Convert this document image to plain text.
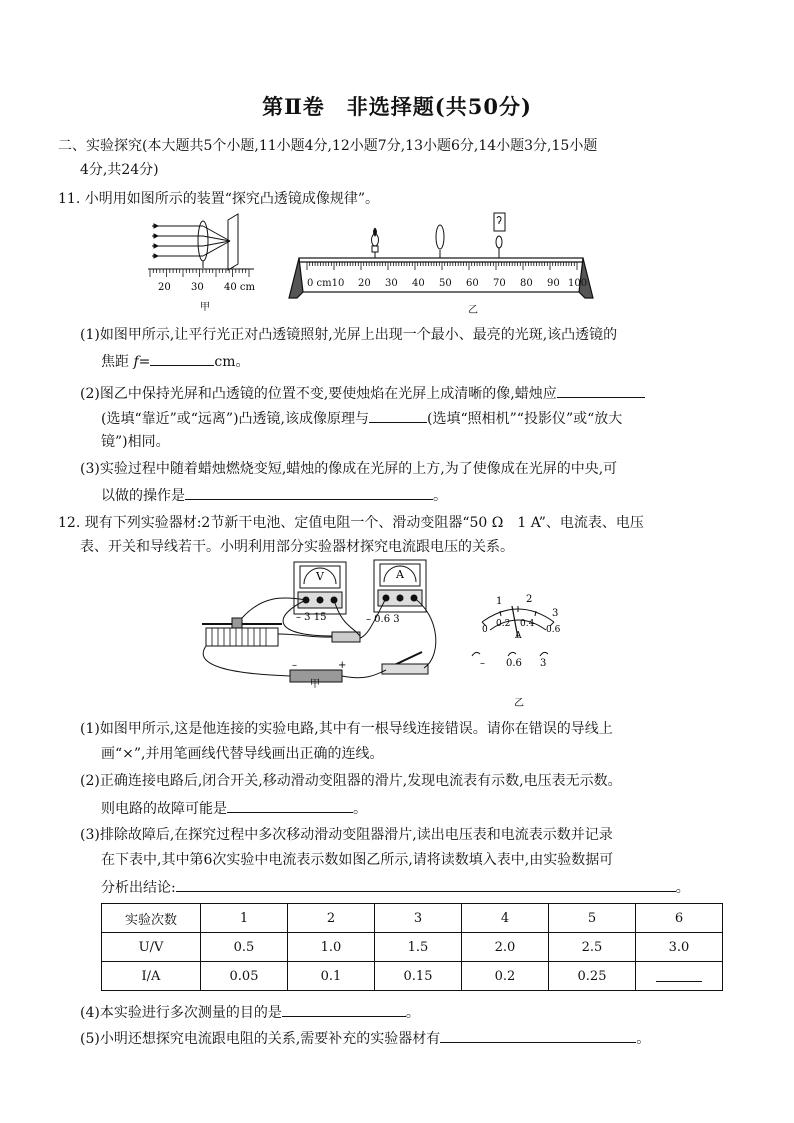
第Ⅱ卷　非选择题(共50分)
二、实验探究(本大题共5个小题,11小题4分,12小题7分,13小题6分,14小题3分,15小题
4分,共24分)
11. 小明用如图所示的装置“探究凸透镜成像规律”。
20 30 40 cm
甲
0 cm10 20 30 40 50 60 70 80 90 100
乙
(1)如图甲所示,让平行光正对凸透镜照射,光屏上出现一个最小、最亮的光斑,该凸透镜的
焦距 f=	cm。
(2)图乙中保持光屏和凸透镜的位置不变,要使烛焰在光屏上成清晰的像,蜡烛应
(选填“靠近”或“远离”)凸透镜,该成像原理与	(选填“照相机”“投影仪”或“放大
镜”)相同。
(3)实验过程中随着蜡烛燃烧变短,蜡烛的像成在光屏的上方,为了使像成在光屏的中央,可
以做的操作是	。
12. 现有下列实验器材:2节新干电池、定值电阻一个、滑动变阻器“50 Ω　1 A”、电流表、电压
表、开关和导线若干。小明利用部分实验器材探究电流跟电压的关系。
V	A
– 3 15	– 0.6 3
–	+
甲
1 2
3
0
0.2 0.4
0.6
A
– 0.6 3
乙
(1)如图甲所示,这是他连接的实验电路,其中有一根导线连接错误。请你在错误的导线上
画“×”,并用笔画线代替导线画出正确的连线。
(2)正确连接电路后,闭合开关,移动滑动变阻器的滑片,发现电流表有示数,电压表无示数。
则电路的故障可能是	。
(3)排除故障后,在探究过程中多次移动滑动变阻器滑片,读出电压表和电流表示数并记录
在下表中,其中第6次实验中电流表示数如图乙所示,请将读数填入表中,由实验数据可
分析出结论:	。
实验次数	1	2	3	4	5	6
U/V	0.5	1.0	1.5	2.0	2.5	3.0
I/A	0.05	0.1	0.15	0.2	0.25	
(4)本实验进行多次测量的目的是	。
(5)小明还想探究电流跟电阻的关系,需要补充的实验器材有	。
